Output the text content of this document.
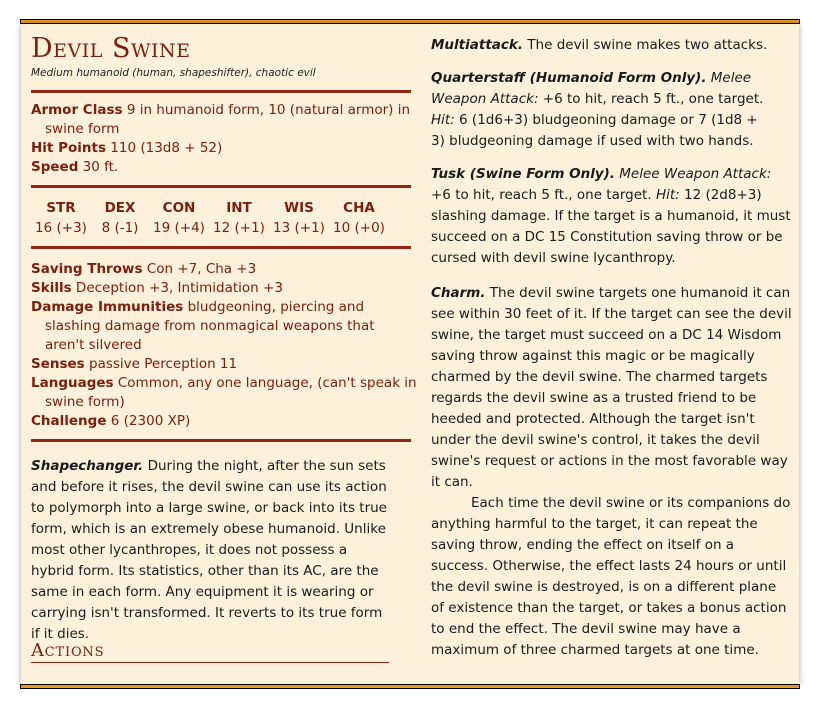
Devil Swine
Medium humanoid (human, shapeshifter), chaotic evil
Armor Class 9 in humanoid form, 10 (natural armor) in swine form
Hit Points 110 (13d8 + 52)
Speed 30 ft.
STR
16 (+3)
DEX
8 (-1)
CON
19 (+4)
INT
12 (+1)
WIS
13 (+1)
CHA
10 (+0)
Saving Throws Con +7, Cha +3
Skills Deception +3, Intimidation +3
Damage Immunities bludgeoning, piercing and slashing damage from nonmagical weapons that aren't silvered
Senses passive Perception 11
Languages Common, any one language, (can't speak in swine form)
Challenge 6 (2300 XP)
Shapechanger. During the night, after the sun sets and before it rises, the devil swine can use its action to polymorph into a large swine, or back into its true form, which is an extremely obese humanoid. Unlike most other lycanthropes, it does not possess a hybrid form. Its statistics, other than its AC, are the same in each form. Any equipment it is wearing or carrying isn't transformed. It reverts to its true form if it dies.
Actions
Multiattack. The devil swine makes two attacks.
Quarterstaff (Humanoid Form Only). Melee Weapon Attack: +6 to hit, reach 5 ft., one target. Hit: 6 (1d6+3) bludgeoning damage or 7 (1d8 + 3) bludgeoning damage if used with two hands.
Tusk (Swine Form Only). Melee Weapon Attack: +6 to hit, reach 5 ft., one target. Hit: 12 (2d8+3) slashing damage. If the target is a humanoid, it must succeed on a DC 15 Constitution saving throw or be cursed with devil swine lycanthropy.
Charm. The devil swine targets one humanoid it can see within 30 feet of it. If the target can see the devil swine, the target must succeed on a DC 14 Wisdom saving throw against this magic or be magically charmed by the devil swine. The charmed targets regards the devil swine as a trusted friend to be heeded and protected. Although the target isn't under the devil swine's control, it takes the devil swine's request or actions in the most favorable way it can.
Each time the devil swine or its companions do anything harmful to the target, it can repeat the saving throw, ending the effect on itself on a success. Otherwise, the effect lasts 24 hours or until the devil swine is destroyed, is on a different plane of existence than the target, or takes a bonus action to end the effect. The devil swine may have a maximum of three charmed targets at one time.
